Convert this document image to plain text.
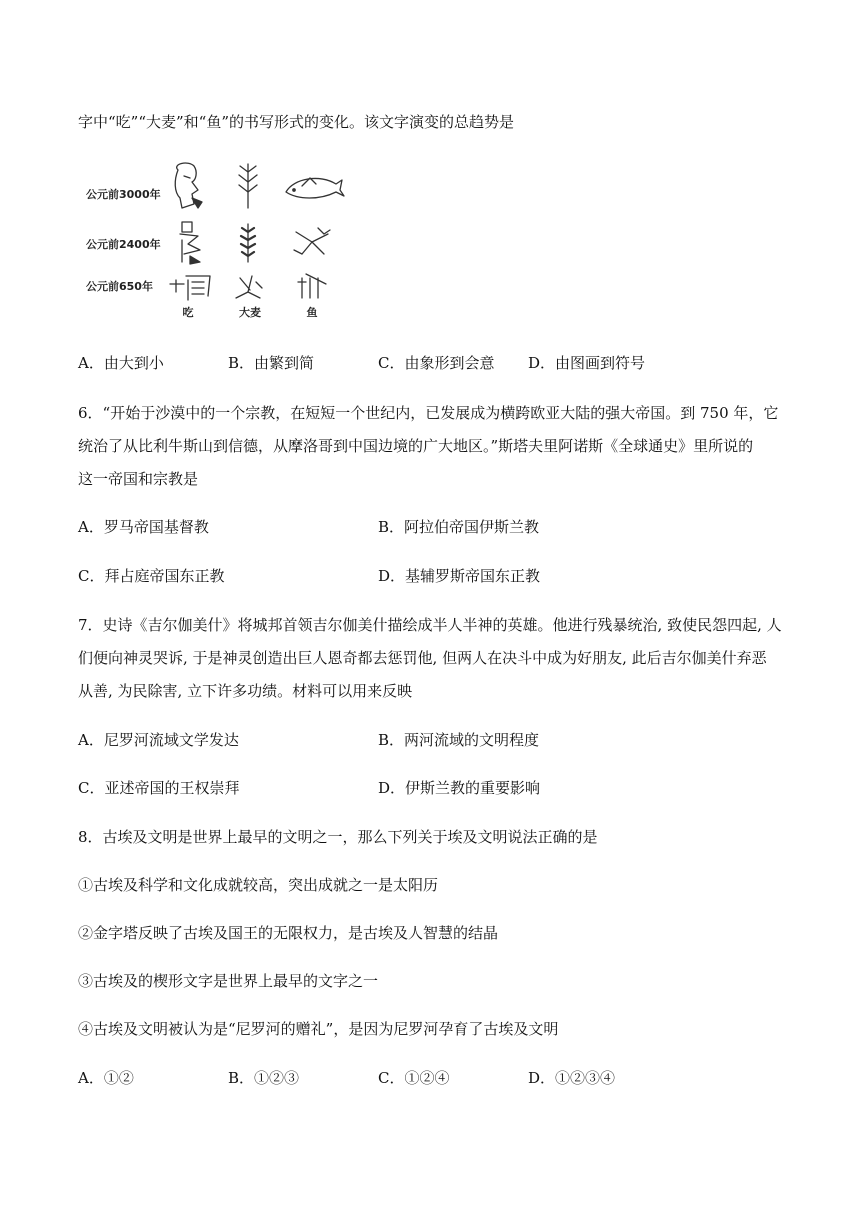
字中“吃”“大麦”和“鱼”的书写形式的变化。该文字演变的总趋势是
公元前3000年
公元前2400年
公元前650年
吃	大麦	鱼
A．由大到小	B．由繁到简	C．由象形到会意 D．由图画到符号
6．“开始于沙漠中的一个宗教，在短短一个世纪内，已发展成为横跨欧亚大陆的强大帝国。到 750 年，它
统治了从比利牛斯山到信德，从摩洛哥到中国边境的广大地区。”斯塔夫里阿诺斯《全球通史》里所说的
这一帝国和宗教是
A．罗马帝国基督教	B．阿拉伯帝国伊斯兰教
C．拜占庭帝国东正教	D．基辅罗斯帝国东正教
7．史诗《吉尔伽美什》将城邦首领吉尔伽美什描绘成半人半神的英雄。他进行残暴统治, 致使民怨四起, 人
们便向神灵哭诉, 于是神灵创造出巨人恩奇都去惩罚他, 但两人在决斗中成为好朋友, 此后吉尔伽美什弃恶
从善, 为民除害, 立下许多功绩。材料可以用来反映
A．尼罗河流域文学发达	B．两河流域的文明程度
C．亚述帝国的王权崇拜	D．伊斯兰教的重要影响
8．古埃及文明是世界上最早的文明之一，那么下列关于埃及文明说法正确的是
①古埃及科学和文化成就较高，突出成就之一是太阳历
②金字塔反映了古埃及国王的无限权力，是古埃及人智慧的结晶
③古埃及的楔形文字是世界上最早的文字之一
④古埃及文明被认为是“尼罗河的赠礼”，是因为尼罗河孕育了古埃及文明
A．①②	B．①②③	C．①②④	D．①②③④
